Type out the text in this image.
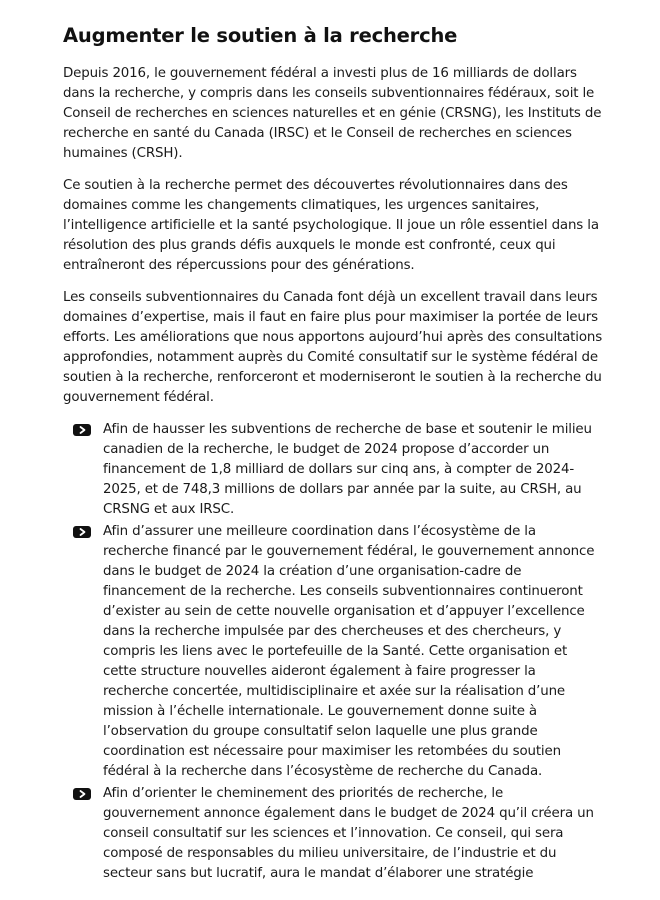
Augmenter le soutien à la recherche

Depuis 2016, le gouvernement fédéral a investi plus de 16 milliards de dollars dans la recherche, y compris dans les conseils subventionnaires fédéraux, soit le Conseil de recherches en sciences naturelles et en génie (CRSNG), les Instituts de recherche en santé du Canada (IRSC) et le Conseil de recherches en sciences humaines (CRSH).

Ce soutien à la recherche permet des découvertes révolutionnaires dans des domaines comme les changements climatiques, les urgences sanitaires, l’intelligence artificielle et la santé psychologique. Il joue un rôle essentiel dans la résolution des plus grands défis auxquels le monde est confronté, ceux qui entraîneront des répercussions pour des générations.

Les conseils subventionnaires du Canada font déjà un excellent travail dans leurs domaines d’expertise, mais il faut en faire plus pour maximiser la portée de leurs efforts. Les améliorations que nous apportons aujourd’hui après des consultations approfondies, notamment auprès du Comité consultatif sur le système fédéral de soutien à la recherche, renforceront et moderniseront le soutien à la recherche du gouvernement fédéral.

Afin de hausser les subventions de recherche de base et soutenir le milieu canadien de la recherche, le budget de 2024 propose d’accorder un financement de 1,8 milliard de dollars sur cinq ans, à compter de 2024-2025, et de 748,3 millions de dollars par année par la suite, au CRSH, au CRSNG et aux IRSC.
Afin d’assurer une meilleure coordination dans l’écosystème de la recherche financé par le gouvernement fédéral, le gouvernement annonce dans le budget de 2024 la création d’une organisation-cadre de financement de la recherche. Les conseils subventionnaires continueront d’exister au sein de cette nouvelle organisation et d’appuyer l’excellence dans la recherche impulsée par des chercheuses et des chercheurs, y compris les liens avec le portefeuille de la Santé. Cette organisation et cette structure nouvelles aideront également à faire progresser la recherche concertée, multidisciplinaire et axée sur la réalisation d’une mission à l’échelle internationale. Le gouvernement donne suite à l’observation du groupe consultatif selon laquelle une plus grande coordination est nécessaire pour maximiser les retombées du soutien fédéral à la recherche dans l’écosystème de recherche du Canada.
Afin d’orienter le cheminement des priorités de recherche, le gouvernement annonce également dans le budget de 2024 qu’il créera un conseil consultatif sur les sciences et l’innovation. Ce conseil, qui sera composé de responsables du milieu universitaire, de l’industrie et du secteur sans but lucratif, aura le mandat d’élaborer une stratégie
